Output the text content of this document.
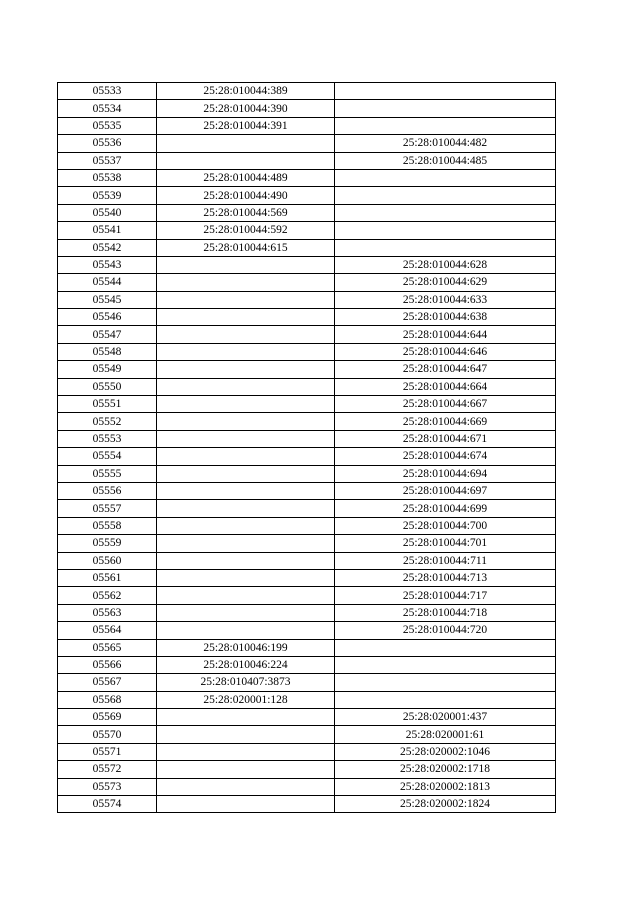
05533	25:28:010044:389	
05534	25:28:010044:390	
05535	25:28:010044:391	
05536		25:28:010044:482
05537		25:28:010044:485
05538	25:28:010044:489	
05539	25:28:010044:490	
05540	25:28:010044:569	
05541	25:28:010044:592	
05542	25:28:010044:615	
05543		25:28:010044:628
05544		25:28:010044:629
05545		25:28:010044:633
05546		25:28:010044:638
05547		25:28:010044:644
05548		25:28:010044:646
05549		25:28:010044:647
05550		25:28:010044:664
05551		25:28:010044:667
05552		25:28:010044:669
05553		25:28:010044:671
05554		25:28:010044:674
05555		25:28:010044:694
05556		25:28:010044:697
05557		25:28:010044:699
05558		25:28:010044:700
05559		25:28:010044:701
05560		25:28:010044:711
05561		25:28:010044:713
05562		25:28:010044:717
05563		25:28:010044:718
05564		25:28:010044:720
05565	25:28:010046:199	
05566	25:28:010046:224	
05567	25:28:010407:3873	
05568	25:28:020001:128	
05569		25:28:020001:437
05570		25:28:020001:61
05571		25:28:020002:1046
05572		25:28:020002:1718
05573		25:28:020002:1813
05574		25:28:020002:1824
